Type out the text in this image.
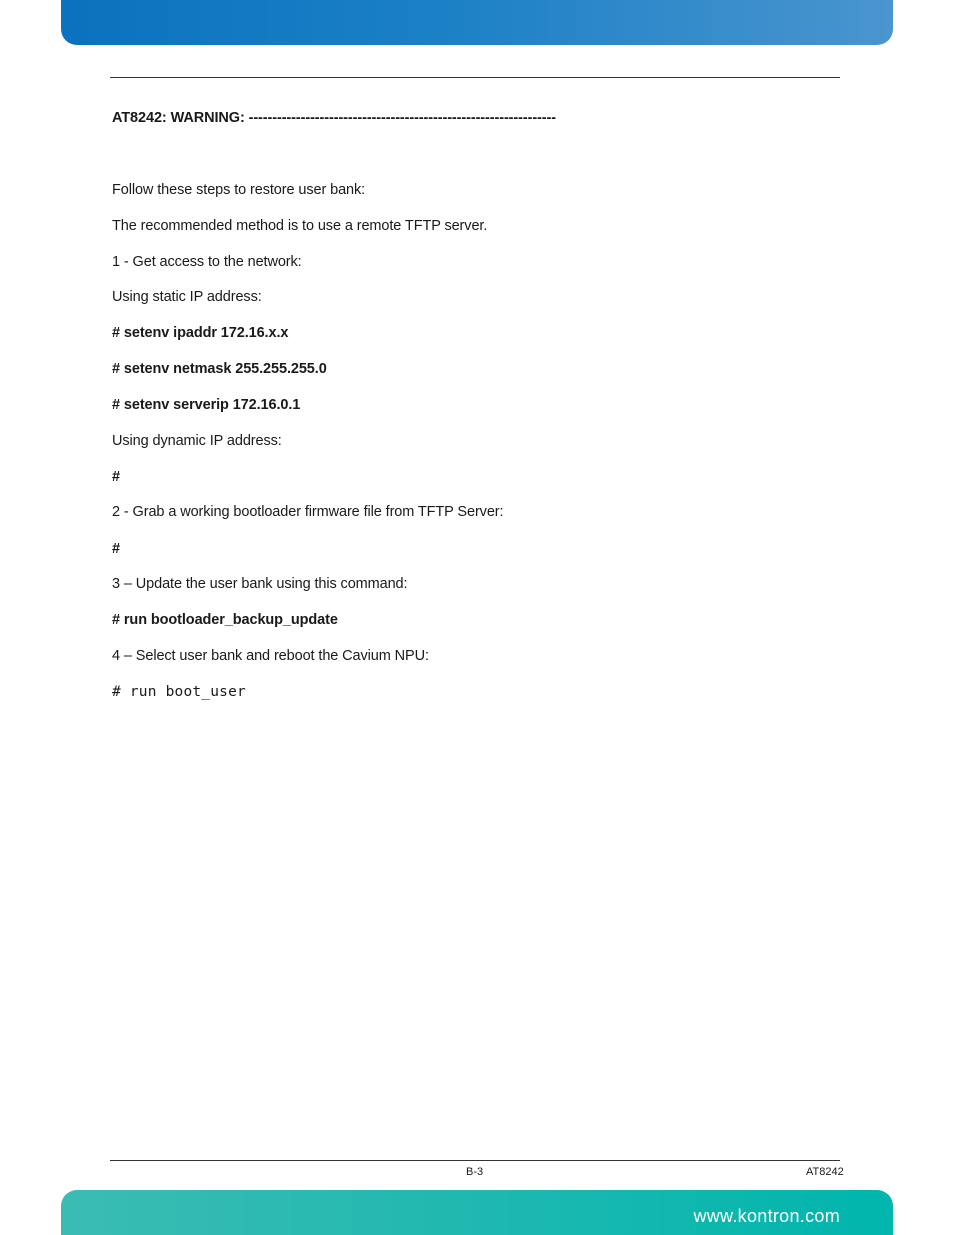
AT8242: WARNING: -----------------------------------------------------------------
Follow these steps to restore user bank:
The recommended method is to use a remote TFTP server.
1 - Get access to the network:
Using static IP address:
# setenv ipaddr 172.16.x.x
# setenv netmask 255.255.255.0
# setenv serverip 172.16.0.1
Using dynamic IP address:
#
2 - Grab a working bootloader firmware file from TFTP Server:
#
3 – Update the user bank using this command:
# run bootloader_backup_update
4 – Select user bank and reboot the Cavium NPU:
# run boot_user
B-3	AT8242
www.kontron.com
